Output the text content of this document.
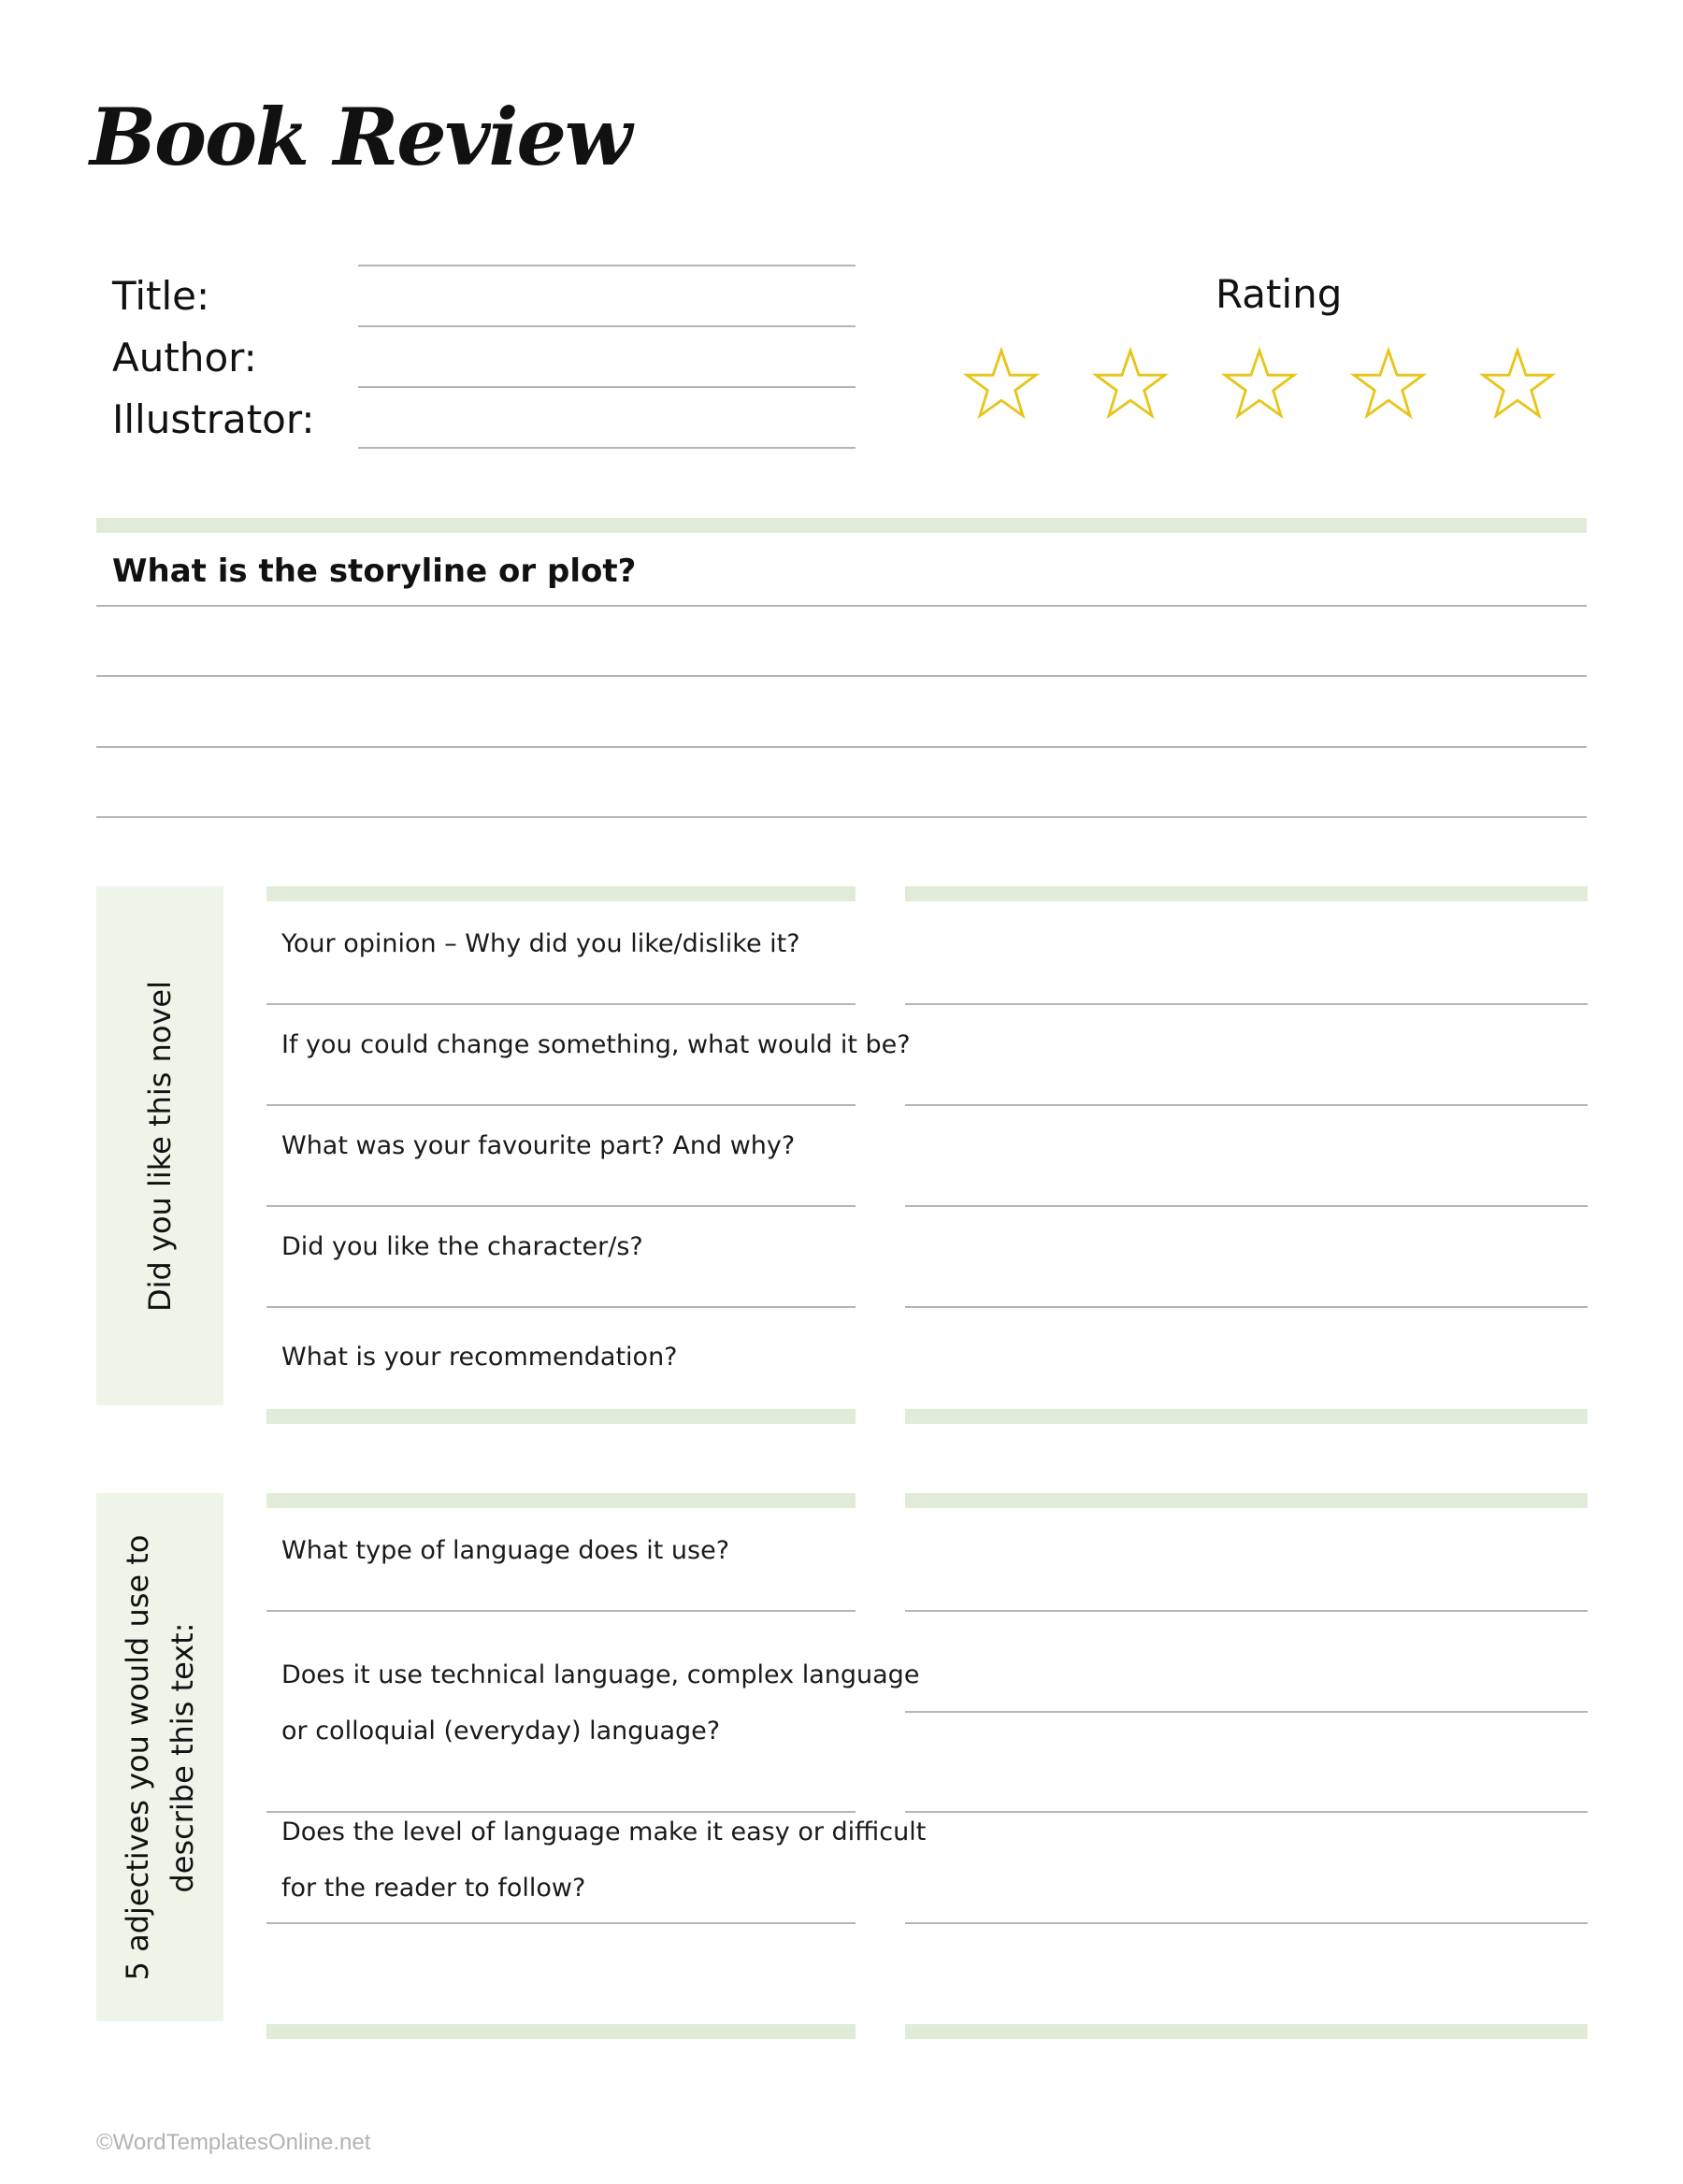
Book Review
Title:
Author:
Illustrator:
Rating
What is the storyline or plot?
Did you like this novel
Your opinion – Why did you like/dislike it?
If you could change something, what would it be?
What was your favourite part? And why?
Did you like the character/s?
What is your recommendation?
5 adjectives you would use to describe this text:
What type of language does it use?
Does it use technical language, complex language
or colloquial (everyday) language?
Does the level of language make it easy or difficult
for the reader to follow?
©WordTemplatesOnline.net
